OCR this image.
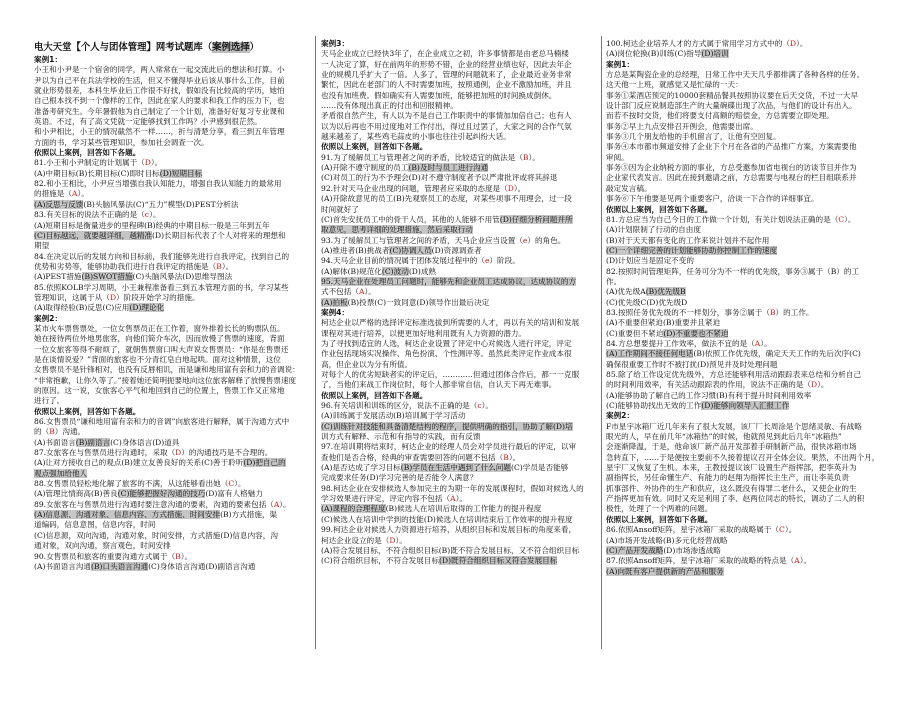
电大天堂【个人与团体管理】网考试题库（案例选择）
案例1：
小王和小尹是一个宿舍的同学，两人常常在一起交流此后的想法和打算。小
尹以为自己平在兵法学校的生活，但又不懂得毕业后该从事什么工作，目前
就业形势很差，本科生毕业后工作很不好找，假如没有比较高的学历，她怕
自己根本找不到一个像样的工作，因此在家人的要求和我工作的压力下，也
准备考研究生。今年暑假他为自己制定了一个计划，准备好好复习专业课和
英语。不过，有了高文凭就一定能够找到工作吗？小尹感到很茫然。
和小尹相比，小王的情况截然不一样……，折与清楚分享，看三到五年管理
方面的书，学习某些管理知识，参加社会调查一次。
依照以上案例，回答如下各题。
81.小王和小尹制定的计划属于（D）。
(A)中期目标(B)长期目标(C)即时目标(D)短期目标
82.和小王相比，小尹应当增强自我认知能力，增强自我认知能力的最常用
的措施是（A）。
(A)反思与反馈(B)头脑风暴法(C)“五力”模型(D)PEST分析法
83.有关目标的说法不正确的是（c）。
(A)短期目标是衡量进步的里程碑(B)经典的中期目标一般是三年到五年
(C)目标越远，就要越详细，越精准(D)长期目标代表了个人对将来的理想和
期望
84.在决定以后的发展方向和目标前，我们能够先进行自我评定，找到自己的
优势和劣势等，能够协助我们进行自我评定的措施是（B）。
(A)PEST措施(B)SWOT措施(C)头脑风暴法(D)思维导图法
85.依照KOLB学习周期，小王兼程准备看三到五本管理方面的书，学习某些
管理知识，这属于从（D）阶段开始学习的措施。
(A)取得经验(B)反思(C)应用(D)理论化
案例2：
某市火车票售票处，一位女售票员正在工作着，窗外排着长长的购票队伍。
她在接待两位外地男旅客，向他们简介车次，因而放慢了售票的速度，背面
一位女旅客等得不耐烦了，就朝售票窗口叫大声说女售票员：“你是在售票还
是在谈情说爱？”背面的旅客也不分青红皂白地起哄。面对这种情景，这位
女售票员不是针锋相对，也没有反唇相讥，而是谦和地用富有亲和力的音调说：
“非常抱歉，让你久等了。”接着她还简明扼要地向这位旅客解释了放慢售票速度
的原因。这一说，女旅客心平气和地回到自己的位置上，售票工作又正常地
进行了。
依照以上案例，回答如下各题。
86.女售票员“谦和地用富有亲和力的音调”向旅客进行解释，属于沟通方式中
的（B）沟通。
(A)书面语言(B)副语言(C)身体语言(D)道具
87.女旅客在与售票员进行沟通时，采取（D）的沟通技巧是不合理的。
(A)让对方接收自己的观点(B)建立友善良好的关系(C)善于聆听(D)把自己的
观点强加给他人
88.女售票员轻松地化解了旅客的不满，从这能够看出她（C）。
(A)管理比情商高(B)善良(C)能够把握好沟通的技巧(D)富有人格魅力
89.女旅客在与售票员进行沟通时要注意沟通的要素，沟通的要素包括（A）。
(A)信息源、沟通对象、信息内容、方式措施、时间安排(B)方式措施，渠
道编码，信息意图，信息内容，时间
(C)信息源，双向沟通，沟通对象，时间安排，方式措施(D)信息内容，沟
通对象，双向沟通，察言观色，时间安排
90.女售票员和旅客的重要沟通方式属于（B）。
(A)书面语言沟通(B)口头语言沟通(C)身体语言沟通(D)副语言沟通
案例3：
天马企业成立已经快3年了，在企业成立之初，许多事情都是由老总马楠楼
一人决定了算，好在前两年的形势不错，企业的经营业绩也好，因此去年企
业的规模几乎扩大了一倍。人多了，管理的问题就来了，企业最近业务非常
繁忙，因此在老部门的人不时需要加班，按照通例，企业不激励加班，并且
也没有加班费。假如确实有人需要加班，能够把加班的时间换成倒休。
……没有体现出真正的付出和回报精神。
矛盾很自然产生，有人以为不是自己工作职责中的事情加加倍自己；也有人
以为以后再也不用过度地对工作付出，得过且过罢了，大家之间的合作气氛
越来越差了，某些鸡毛蒜皮的小事也往往引起纠纷大话。
依照以上案例，回答如下各题。
91.为了缓解员工与管理者之间的矛盾，比较适宜的做法是（B）。
(A)开除不遵守制度的员工(B)及时与员工进行沟通
(C)对员工的行为不予理会(D)对不遵守制度者予以严肃批评或将其辞退
92.针对天马企业出现的问题，管理者应采取的态度是（D）。
(A)开除故意见的员工(B)先观察员工的态度，对某些项事不用理会，过一段
时间就好了
(C)首先安抚员工中的骨干人员，其他的人能够不用管(D)仔细分析问题并所
取意见，思考详细的处理措施，然后采取行动
93.为了缓解员工与管理者之间的矛盾，天马企业应当设置（e）的角色。
(A)推进者(B)挑战者(C)协调人员(D)资源调查者
94.天马企业目前的情况属于团体发展过程中的（e）阶段。
(A)解体(B)规范化(C)波动(D)成熟
95.天马企业在处理员工问题时，能够先和企业员工达成协议，达成协议的方
式不包括（A）。
(A)拍板(B)投票(C)一致同意(D)领导作出最后决定
案例4：
柯达企业以严格的选择评定标准选拔到所需要的人才，再以有关的培训和发展
课程对其进行培养，以便更加好地利用既有人力资源的潜力。
为了寻找到适宜的人选，柯达企业设置了评定中心对候选人进行评定，评定
作业包括现场实况操作、角色扮演、个性测评等。虽然此类评定作业成本很
高，但企业以为分有所值。
对每个人的优劣短缺者实的评定后，…………但通过团体合作后，都一一克服
了，当他们来战工作岗位时，每个人都非常自信，自认天下再无难事。
依照以上案例，回答如下各题。
96.有关培训和训练的区分，说法不正确的是（c）。
(A)训练属于发展活动(B)培训属于学习活动
(C)训练针对技能和具备清楚结构的程序，提供明确的指引，协助了解(D)培
训方式有解释、示范和有指导的实践，而有反馈
97.在培训期将结束时，柯达企业的经理人员会对学员进行最后的评定，以审
查他们是否合格，经典的审查需要回答的问题不包括（B）。
(A)是否达成了学习目标(B)学员在生活中遇到了什么问题(C)学员是否能够
完成要求任务(D)学习完善的是否能令人满意？
98.柯达企业在安排候选人参加完主的为期一年的发展课程时，假如对候选人的
学习效果进行评定，评定内容不包括（A）。
(A)课程的合理程度(B)候选人在培训后取得的工作能力的提升程度
(C)候选人在培训中学到的技能(D)候选人在培训结束后工作效率的提升程度
99.柯达企业对候选人力资源进行培养，从组织目标和发展目标的角度来看，
柯达企业设立的是（D）。
(A)符合发展目标，不符合组织目标(B)既不符合发展目标，又不符合组织目标
(C)符合组织目标，不符合发展目标(D)既符合组织目标又符合发展目标
100.柯达企业培养人才的方式属于常用学习方式中的（D）。
(A)岗位轮换(B)训练(C)指导(D)培训
案例1：
方总是某陶瓷企业的总经理，日常工作中天天几乎都排满了各种各样的任务。
这天他一上班，就感觉又是忙碌的一天：
事务①某酒店预定的10000套精品餐具按照协议要在后天交货，不过一大早
设计部门反应说制造部生产的大量碗碟出现了次品，与他们的设计有出入。
而若不按时交货，他们将要支付高额的赔偿金，方总需要立即处理。
事务②早上九点安排召开例会，他需要出席。
事务③几个朋友给他的手机留言了，让他有空回复。
事务④本市都市频道安排了企业下个月在各省的产品推广方案，方案需要他
审阅。
事务⑤因为企业纳税方面的事业，方总受邀参加省电视台的访谈节目并作为
企业家代表发言。因此在接到邀请之前，方总需要与电视台的栏目组联系并
敲定发言稿。
事务⑥下午他要是见两个重要客户，洽谈一下合作的详细事宜。
依照以上案例，回答如下各题。
81.方总应当为自己今日的工作做一个计划，有关计划说法正确的是（C）。
(A)计划限制了行动的自由度
(B)对于天天都有变化的工作来说计划并不起作用
(C)一个详细完善的计划能够协助你控制工作的速度
(D)计划应当是固定不变的
82.按照时间管理矩阵，任务可分为不一样的优先级，事务③属于（B）的工
作。
(A)优先级A(B)优先级B
(C)优先级C(D)优先级D
83.按照任务优先级的不一样划分，事务②属于（B）的工作。
(A)不重要但紧迫(B)重要并且紧迫
(C)重要但不紧迫(D)不重要也不紧迫
84.方总想要提升工作效率，做法不宜的是（A）。
(A)工作期间不接任何电话(B)依照工作优先级，确定天天工作的先后次序(C)
确保很重要工作时不被打扰(D)预见并及时处理问题
85.除了给工作设定优先级外，方总还能够利用活动跟踪表来总结和分析自己
的时间利用效率，有关活动跟踪表的作用，说法不正确的是（D）。
(A)能够协助了解自己的工作习惯(B)有利于提升时间利用效率
(C)能够协助找出无效的工作(D)能够向领导人汇报工作
案例2：
F市星宇冰箱厂近几年来有了很大发展，该厂厂长周涂是个思绪灵敏、有战略
眼光的人，早在前几年“冰箱热”的时候，他就预见到此后几年“冰箱热”
会逐渐降温，于是，他命该厂新产品开发部着手研制新产品，很快冰箱市场
急转直下，……于是便按主要前不久接着提议召开全体会议。果然，不出两个月，
星宇厂又恢复了生机。本来，王教授提议该厂设置生产指挥部，把李英升为
副指挥长，另任命懂生产、有能力的赵翔为指挥长主生产，而让李英负责
抓事部件、外协件的生产和供应，这么既没有得罪二老什么，又使企业的生
产指挥更加有效。同时又充足利用了李、赵两位同志的特长，调动了二人的积
极性，处理了一个两难的问题。
依照以上案例，回答如下各题。
86.依照Ansoff矩阵，星宇冰箱厂采取的战略属于（C）。
(A)市场开发战略(B)多元化经营战略
(C)产品开发战略(D)市场渗透战略
87.依照Ansoff矩阵，星宇冰箱厂采取的战略的特点是（A）。
(A)向既有客户提供新的产品和服务
